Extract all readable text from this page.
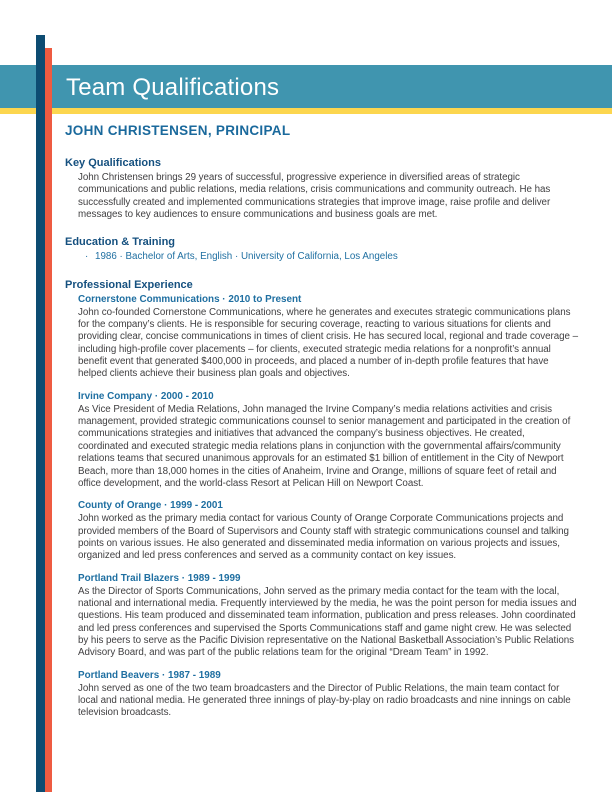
Team Qualifications
JOHN CHRISTENSEN, PRINCIPAL
Key Qualifications

John Christensen brings 29 years of successful, progressive experience in diversified areas of strategic communications and public relations, media relations, crisis communications and community outreach. He has successfully created and implemented communications strategies that improve image, raise profile and deliver messages to key audiences to ensure communications and business goals are met.

Education & Training
· 1986 · Bachelor of Arts, English · University of California, Los Angeles
Professional Experience
Cornerstone Communications · 2010 to Present

John co-founded Cornerstone Communications, where he generates and executes strategic communications plans for the company’s clients. He is responsible for securing coverage, reacting to various situations for clients and providing clear, concise communications in times of client crisis. He has secured local, regional and trade coverage – including high-profile cover placements – for clients, executed strategic media relations for a nonprofit’s annual benefit event that generated $400,000 in proceeds, and placed a number of in-depth profile features that have helped clients achieve their business plan goals and objectives.

Irvine Company · 2000 - 2010

As Vice President of Media Relations, John managed the Irvine Company’s media relations activities and crisis management, provided strategic communications counsel to senior management and participated in the creation of communications strategies and initiatives that advanced the company’s business objectives. He created, coordinated and executed strategic media relations plans in conjunction with the governmental affairs/community relations teams that secured unanimous approvals for an estimated $1 billion of entitlement in the City of Newport Beach, more than 18,000 homes in the cities of Anaheim, Irvine and Orange, millions of square feet of retail and office development, and the world-class Resort at Pelican Hill on Newport Coast.

County of Orange · 1999 - 2001

John worked as the primary media contact for various County of Orange Corporate Communications projects and provided members of the Board of Supervisors and County staff with strategic communications counsel and talking points on various issues. He also generated and disseminated media information on various projects and issues, organized and led press conferences and served as a community contact on key issues.

Portland Trail Blazers · 1989 - 1999

As the Director of Sports Communications, John served as the primary media contact for the team with the local, national and international media. Frequently interviewed by the media, he was the point person for media issues and questions. His team produced and disseminated team information, publication and press releases. John coordinated and led press conferences and supervised the Sports Communications staff and game night crew. He was selected by his peers to serve as the Pacific Division representative on the National Basketball Association’s Public Relations Advisory Board, and was part of the public relations team for the original “Dream Team” in 1992.

Portland Beavers · 1987 - 1989

John served as one of the two team broadcasters and the Director of Public Relations, the main team contact for local and national media. He generated three innings of play-by-play on radio broadcasts and nine innings on cable television broadcasts.
